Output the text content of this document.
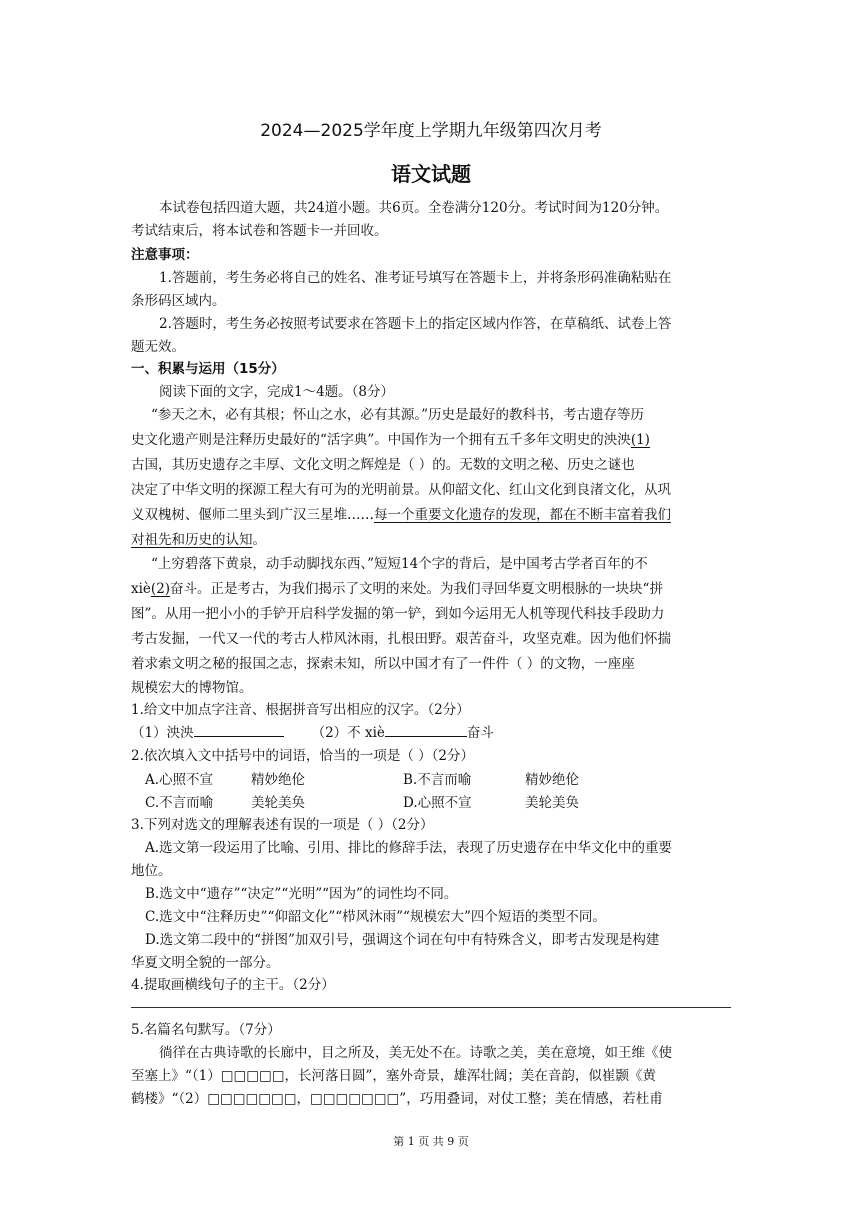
2024—2025学年度上学期九年级第四次月考
语文试题
本试卷包括四道大题，共24道小题。共6页。全卷满分120分。考试时间为120分钟。
考试结束后，将本试卷和答题卡一并回收。
注意事项：
1.答题前，考生务必将自己的姓名、准考证号填写在答题卡上，并将条形码准确粘贴在
条形码区域内。
2.答题时，考生务必按照考试要求在答题卡上的指定区域内作答，在草稿纸、试卷上答
题无效。
一、积累与运用（15分）
阅读下面的文字，完成1～4题。（8分）
“参天之木，必有其根；怀山之水，必有其源。”历史是最好的教科书，考古遗存等历
史文化遗产则是注释历史最好的“活字典”。中国作为一个拥有五千多年文明史的泱泱(1)
古国，其历史遗存之丰厚、文化文明之辉煌是（ ）的。无数的文明之秘、历史之谜也
决定了中华文明的探源工程大有可为的光明前景。从仰韶文化、红山文化到良渚文化，从巩
义双槐树、偃师二里头到广汉三星堆……每一个重要文化遗存的发现，都在不断丰富着我们
对祖先和历史的认知。
“上穷碧落下黄泉，动手动脚找东西、”短短14个字的背后，是中国考古学者百年的不
xiè(2)奋斗。正是考古，为我们揭示了文明的来处。为我们寻回华夏文明根脉的一块块“拼
图”。从用一把小小的手铲开启科学发掘的第一铲，到如今运用无人机等现代科技手段助力
考古发掘，一代又一代的考古人栉风沐雨，扎根田野。艰苦奋斗，攻坚克难。因为他们怀揣
着求索文明之秘的报国之志，探索未知，所以中国才有了一件件（ ）的文物，一座座
规模宏大的博物馆。
1.给文中加点字注音、根据拼音写出相应的汉字。（2分）
（1）泱泱	（2）不 xiè	奋斗
2.依次填入文中括号中的词语，恰当的一项是（ ）（2分）
A.心照不宣	精妙绝伦	B.不言而喻	精妙绝伦
C.不言而喻	美轮美奂	D.心照不宣	美轮美奂
3.下列对选文的理解表述有误的一项是（ ）（2分）
A.选文第一段运用了比喻、引用、排比的修辞手法，表现了历史遗存在中华文化中的重要
地位。
B.选文中“遗存”“决定”“光明”“因为”的词性均不同。
C.选文中“注释历史”“仰韶文化”“栉风沐雨”“规模宏大”四个短语的类型不同。
D.选文第二段中的“拼图”加双引号，强调这个词在句中有特殊含义，即考古发现是构建
华夏文明全貌的一部分。
4.提取画横线句子的主干。（2分）
5.名篇名句默写。（7分）
徜徉在古典诗歌的长廊中，目之所及，美无处不在。诗歌之美，美在意境，如王维《使
至塞上》“（1）□□□□□，长河落日圆”，塞外奇景，雄浑壮阔；美在音韵，似崔颢《黄
鹤楼》“（2）□□□□□□□，□□□□□□□”，巧用叠词，对仗工整；美在情感，若杜甫
第 1 页 共 9 页
